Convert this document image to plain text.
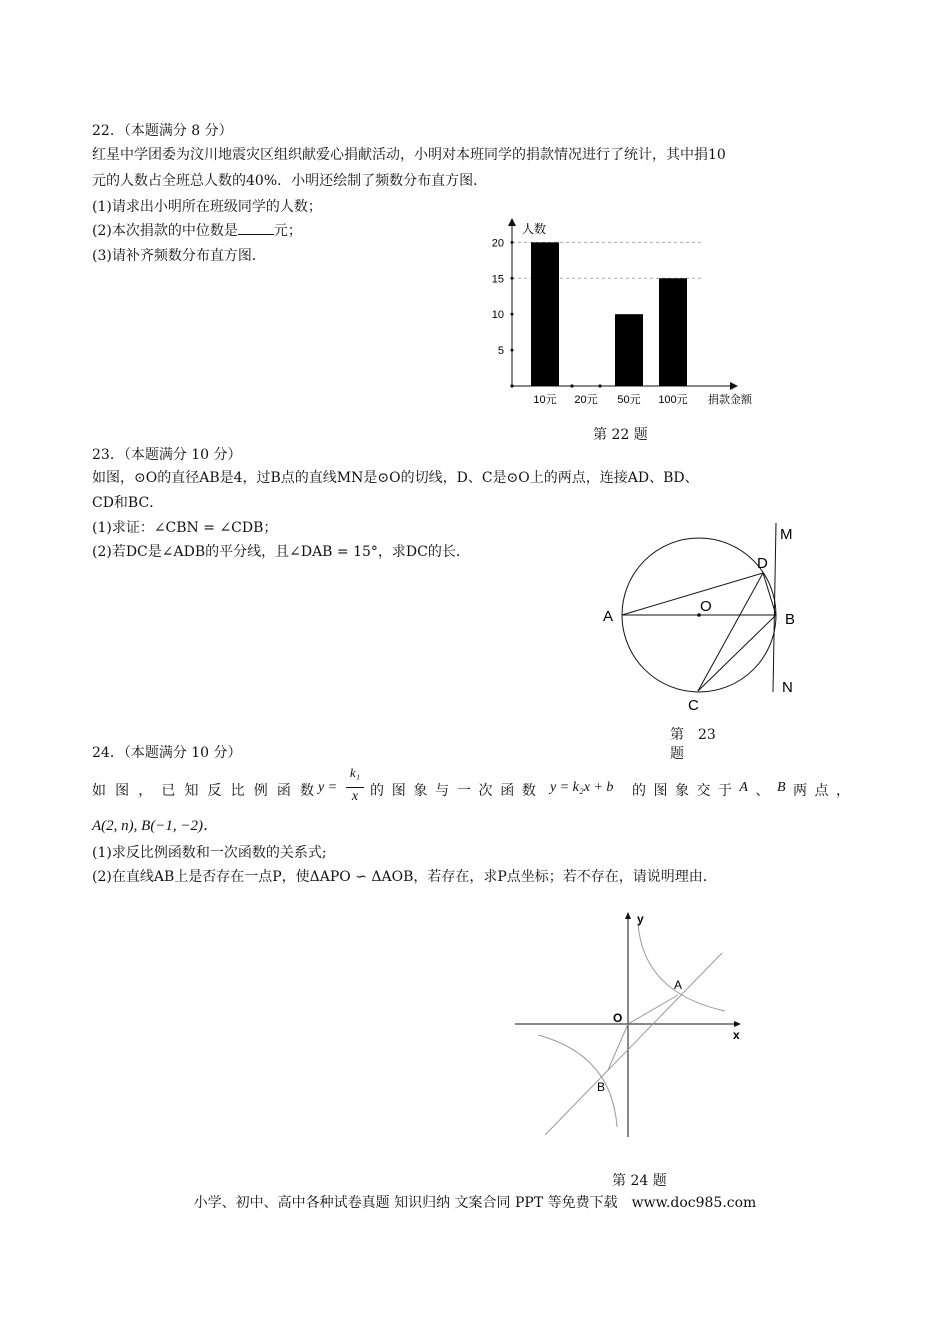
22．（本题满分 8 分）
红星中学团委为汶川地震灾区组织献爱心捐献活动，小明对本班同学的捐款情况进行了统计，其中捐10
元的人数占全班总人数的40%．小明还绘制了频数分布直方图．
(1)请求出小明所在班级同学的人数；
(2)本次捐款的中位数是	元；
(3)请补齐频数分布直方图．
5
10
15
20
人数
10元 20元 50元 100元 捐款金额
第 22 题
23．（本题满分 10 分）
如图，⊙O的直径AB是4，过B点的直线MN是⊙O的切线，D、C是⊙O上的两点，连接AD、BD、
CD和BC．
(1)求证：∠CBN = ∠CDB；
(2)若DC是∠ADB的平分线，且∠DAB = 15°，求DC的长．
M
D
O
A	B
N
C
第　23
题
24．（本题满分 10 分）
如 图 ， 已 知 反 比 例 函 数 y =
k₁
x 的 图 象 与 一 次 函 数 y = k₂x + b 的 图 象 交 于 A 、 B 两 点 ，
A(2, n), B(−1, −2)．
(1)求反比例函数和一次函数的关系式;
(2)在直线AB上是否存在一点P，使ΔAPO ∽ ΔAOB，若存在，求P点坐标；若不存在，请说明理由．
y
x
O
A
B
第 24 题
小学、初中、高中各种试卷真题 知识归纳 文案合同 PPT 等免费下载　www.doc985.com
